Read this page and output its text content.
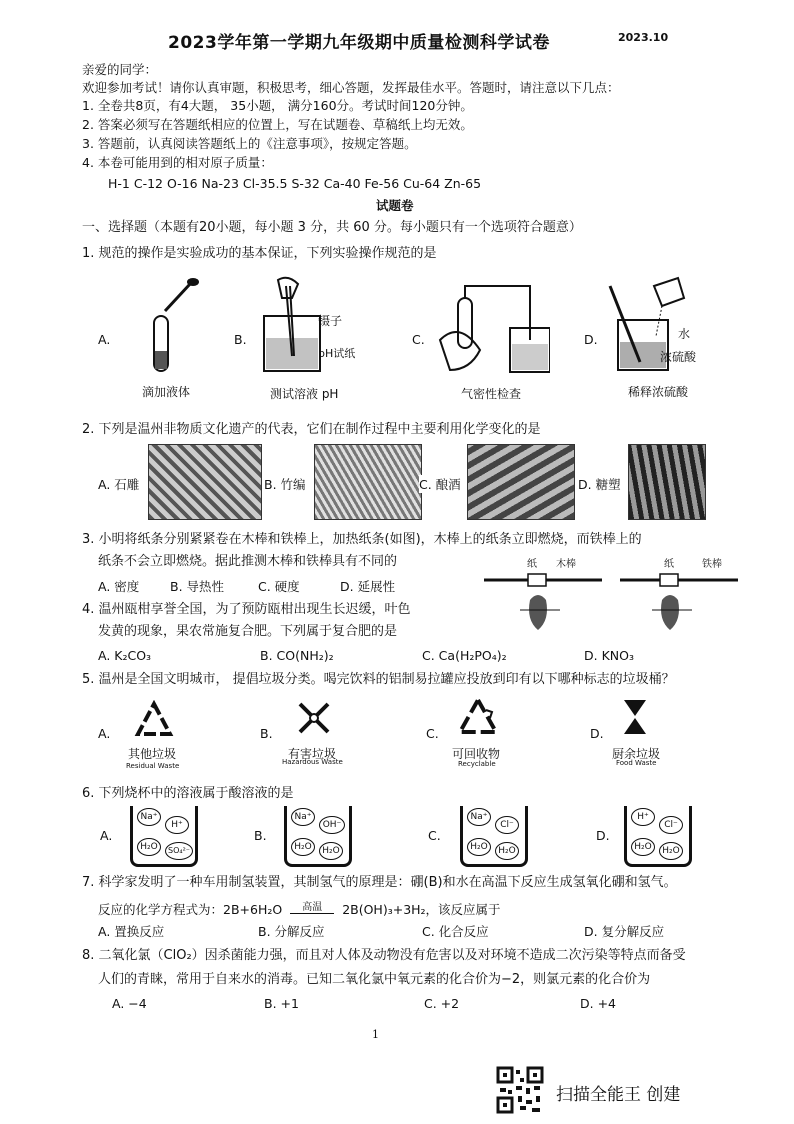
2023学年第一学期九年级期中质量检测科学试卷	2023.10
亲爱的同学：
欢迎参加考试！请你认真审题，积极思考，细心答题，发挥最佳水平。答题时，请注意以下几点：
1. 全卷共8页，有4大题， 35小题， 满分160分。考试时间120分钟。
2. 答案必须写在答题纸相应的位置上，写在试题卷、草稿纸上均无效。
3. 答题前，认真阅读答题纸上的《注意事项》，按规定答题。
4. 本卷可能用到的相对原子质量：
H-1 C-12 O-16 Na-23 Cl-35.5 S-32 Ca-40 Fe-56 Cu-64 Zn-65
试题卷
一、选择题（本题有20小题，每小题 3 分，共 60 分。每小题只有一个选项符合题意）
1. 规范的操作是实验成功的基本保证，下列实验操作规范的是
A.	B.	C.	D.
镊子
pH试纸
水
浓硫酸
滴加液体	测试溶液 pH	气密性检查	稀释浓硫酸
2. 下列是温州非物质文化遗产的代表，它们在制作过程中主要利用化学变化的是
A. 石雕	B. 竹编	C. 酿酒	D. 糖塑
3. 小明将纸条分别紧紧卷在木棒和铁棒上，加热纸条(如图)，木棒上的纸条立即燃烧，而铁棒上的
纸条不会立即燃烧。据此推测木棒和铁棒具有不同的
A. 密度 B. 导热性	C. 硬度	D. 延展性
纸 木棒	纸	铁棒
4. 温州瓯柑享誉全国，为了预防瓯柑出现生长迟缓，叶色
发黄的现象，果农常施复合肥。下列属于复合肥的是
A. K₂CO₃	B. CO(NH₂)₂	C. Ca(H₂PO₄)₂	D. KNO₃
5. 温州是全国文明城市， 提倡垃圾分类。喝完饮料的铝制易拉罐应投放到印有以下哪种标志的垃圾桶？
A.	B.	C.	D.
其他垃圾
Residual Waste
有害垃圾
Hazardous Waste
可回收物
Recyclable
厨余垃圾
Food Waste
6. 下列烧杯中的溶液属于酸溶液的是
A.	B.	C.	D.
Na⁺
H⁺
H₂O	SO₄²⁻
Na⁺
OH⁻
H₂O	H₂O
Na⁺
Cl⁻
H₂O	H₂O
H⁺
Cl⁻
H₂O	H₂O
7. 科学家发明了一种车用制氢装置，其制氢气的原理是：硼(B)和水在高温下反应生成氢氧化硼和氢气。
反应的化学方程式为：2B+6H₂O 高温 2B(OH)₃+3H₂，该反应属于
A. 置换反应	B. 分解反应	C. 化合反应	D. 复分解反应
8. 二氧化氯（ClO₂）因杀菌能力强，而且对人体及动物没有危害以及对环境不造成二次污染等特点而备受
人们的青睐，常用于自来水的消毒。已知二氧化氯中氧元素的化合价为−2，则氯元素的化合价为
A. −4	B. +1	C. +2	D. +4
1
扫描全能王 创建
